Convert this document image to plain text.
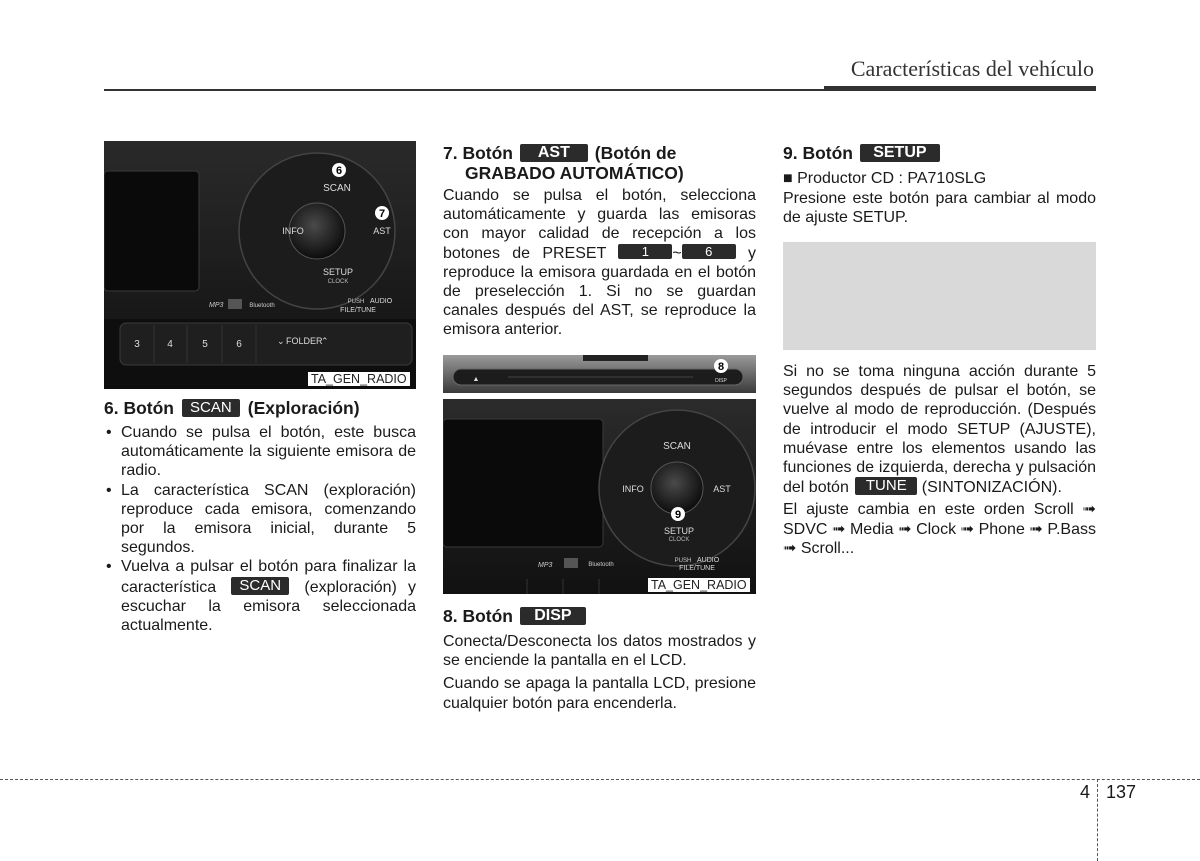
Características del vehículo
SCAN
INFO	AST
SETUP
CLOCK
6
7
MP3	Bluetooth
PUSH AUDIO
FILE/TUNE
3	4	5	6	⌄ FOLDER
⌃
TA_GEN_RADIO
6. Botón SCAN (Exploración)
• Cuando se pulsa el botón, este busca automáticamente la siguiente emisora de radio.
• La característica SCAN (exploración) reproduce cada emisora, comenzando por la emisora inicial, durante 5 segundos.
• Vuelva a pulsar el botón para finalizar la característica SCAN (exploración) y escuchar la emisora seleccionada actualmente.
7. Botón AST (Botón de
GRABADO AUTOMÁTICO)

Cuando se pulsa el botón, selecciona automáticamente y guarda las emisoras con mayor calidad de recepción a los botones de PRESET	1 ~ 6 y reproduce la emisora guardada en el botón de preselección 1. Si no se guardan canales después del AST, se reproduce la emisora anterior.

▲	DISP
8
SCAN
INFO	AST
SETUP
CLOCK
9
MP3	Bluetooth
PUSH AUDIO
FILE/TUNE
TA_GEN_RADIO
8. Botón DISP

Conecta/Desconecta los datos mostrados y se enciende la pantalla en el LCD.

Cuando se apaga la pantalla LCD, presione cualquier botón para encenderla.

9. Botón SETUP

■ Productor CD : PA710SLG

Presione este botón para cambiar al modo de ajuste SETUP.

Si no se toma ninguna acción durante 5 segundos después de pulsar el botón, se vuelve al modo de reproducción. (Después de introducir el modo SETUP (AJUSTE), muévase entre los elementos usando las funciones de izquierda, derecha y pulsación del botón TUNE (SINTONIZACIÓN).

El ajuste cambia en este orden Scroll ➟ SDVC ➟ Media ➟ Clock ➟ Phone ➟ P.Bass ➟ Scroll...

4 137
